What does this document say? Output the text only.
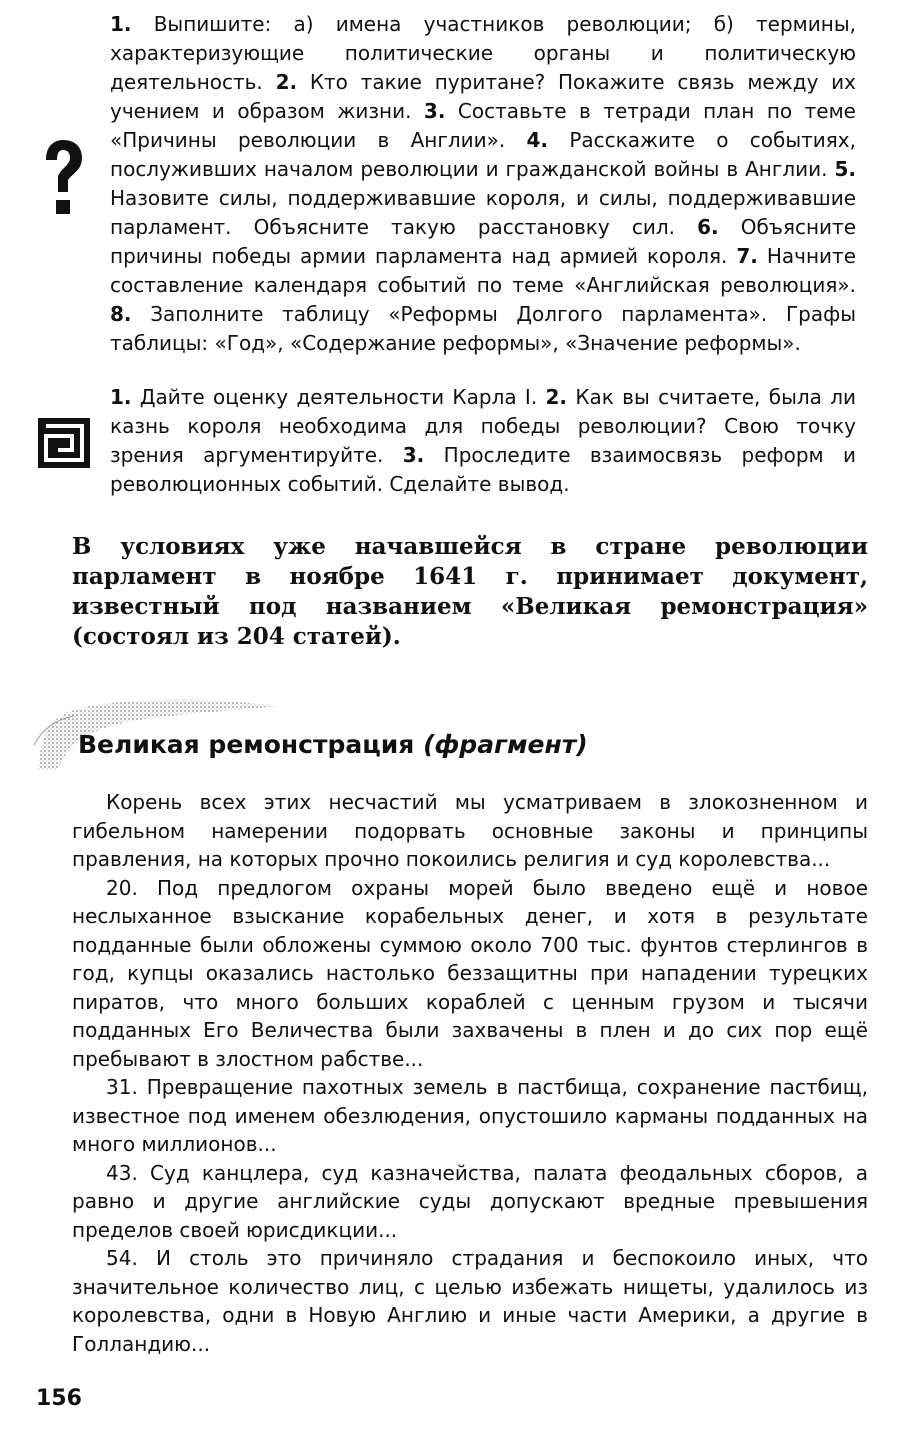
1. Выпишите: а) имена участников революции; б) термины, характеризующие политические органы и политическую деятельность. 2. Кто такие пуритане? Покажите связь между их учением и образом жизни. 3. Составьте в тетради план по теме «Причины революции в Англии». 4. Расскажите о событиях, послуживших началом революции и гражданской войны в Англии. 5. Назовите силы, поддерживавшие короля, и силы, поддерживавшие парламент. Объясните такую расстановку сил. 6. Объясните причины победы армии парламента над армией короля. 7. Начните составление календаря событий по теме «Английская революция». 8. Заполните таблицу «Реформы Долгого парламента». Графы таблицы: «Год», «Содержание реформы», «Значение реформы».
1. Дайте оценку деятельности Карла I. 2. Как вы считаете, была ли казнь короля необходима для победы революции? Свою точку зрения аргументируйте. 3. Проследите взаимосвязь реформ и революционных событий. Сделайте вывод.
В условиях уже начавшейся в стране революции парламент в ноябре 1641 г. принимает документ, известный под названием «Великая ремонстрация» (состоял из 204 статей).
Великая ремонстрация (фрагмент)

Корень всех этих несчастий мы усматриваем в злокозненном и гибельном намерении подорвать основные законы и принципы правления, на которых прочно покоились религия и суд королевства...

20. Под предлогом охраны морей было введено ещё и новое неслыханное взыскание корабельных денег, и хотя в результате подданные были обложены суммою около 700 тыс. фунтов стерлингов в год, купцы оказались настолько беззащитны при нападении турецких пиратов, что много больших кораблей с ценным грузом и тысячи подданных Его Величества были захвачены в плен и до сих пор ещё пребывают в злостном рабстве...

31. Превращение пахотных земель в пастбища, сохранение пастбищ, известное под именем обезлюдения, опустошило карманы подданных на много миллионов...

43. Суд канцлера, суд казначейства, палата феодальных сборов, а равно и другие английские суды допускают вредные превышения пределов своей юрисдикции...

54. И столь это причиняло страдания и беспокоило иных, что значительное количество лиц, с целью избежать нищеты, удалилось из королевства, одни в Новую Англию и иные части Америки, а другие в Голландию...

156
